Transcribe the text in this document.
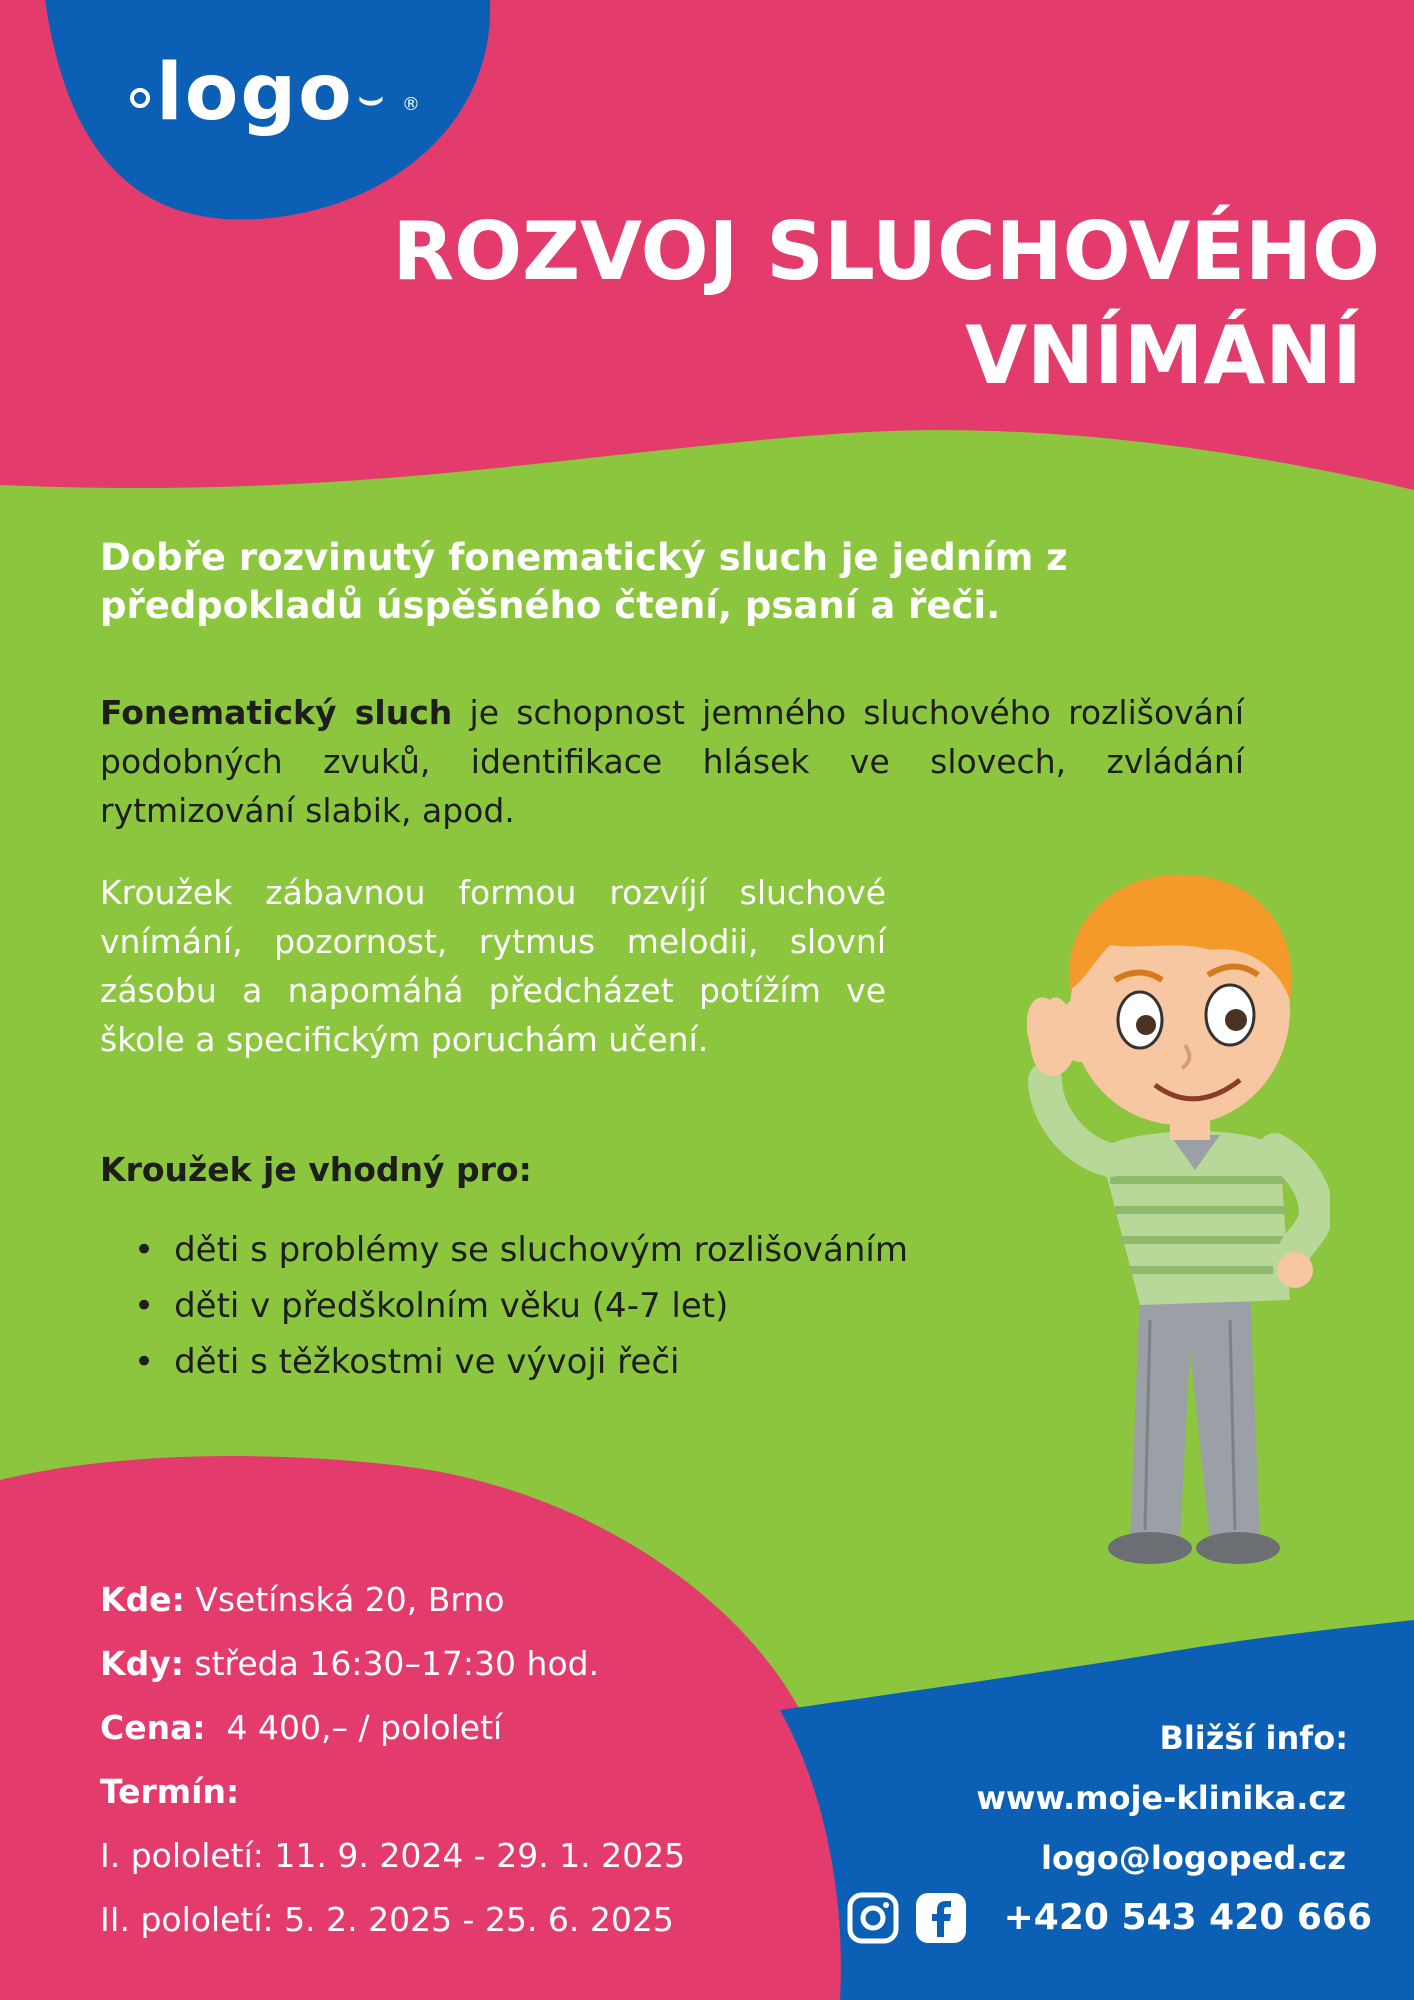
logo ⌣ ®
ROZVOJ SLUCHOVÉHO
VNÍMÁNÍ
Dobře rozvinutý fonematický sluch je jedním z předpokladů úspěšného čtení, psaní a řeči.
Fonematický sluch je schopnost jemného sluchového rozlišování podobných zvuků, identifikace hlásek ve slovech, zvládání rytmizování slabik, apod.
Kroužek zábavnou formou rozvíjí sluchové vnímání, pozornost, rytmus melodii, slovní zásobu a napomáhá předcházet potížím ve škole a specifickým poruchám učení.
Kroužek je vhodný pro:
• děti s problémy se sluchovým rozlišováním
• děti v předškolním věku (4-7 let)
• děti s těžkostmi ve vývoji řeči
Kde: Vsetínská 20, Brno
Kdy: středa 16:30–17:30 hod.
Cena:  4 400,– / pololetí
Termín:
I. pololetí: 11. 9. 2024 - 29. 1. 2025
II. pololetí: 5. 2. 2025 - 25. 6. 2025
Bližší info:
www.moje-klinika.cz
logo@logoped.cz
+420 543 420 666
